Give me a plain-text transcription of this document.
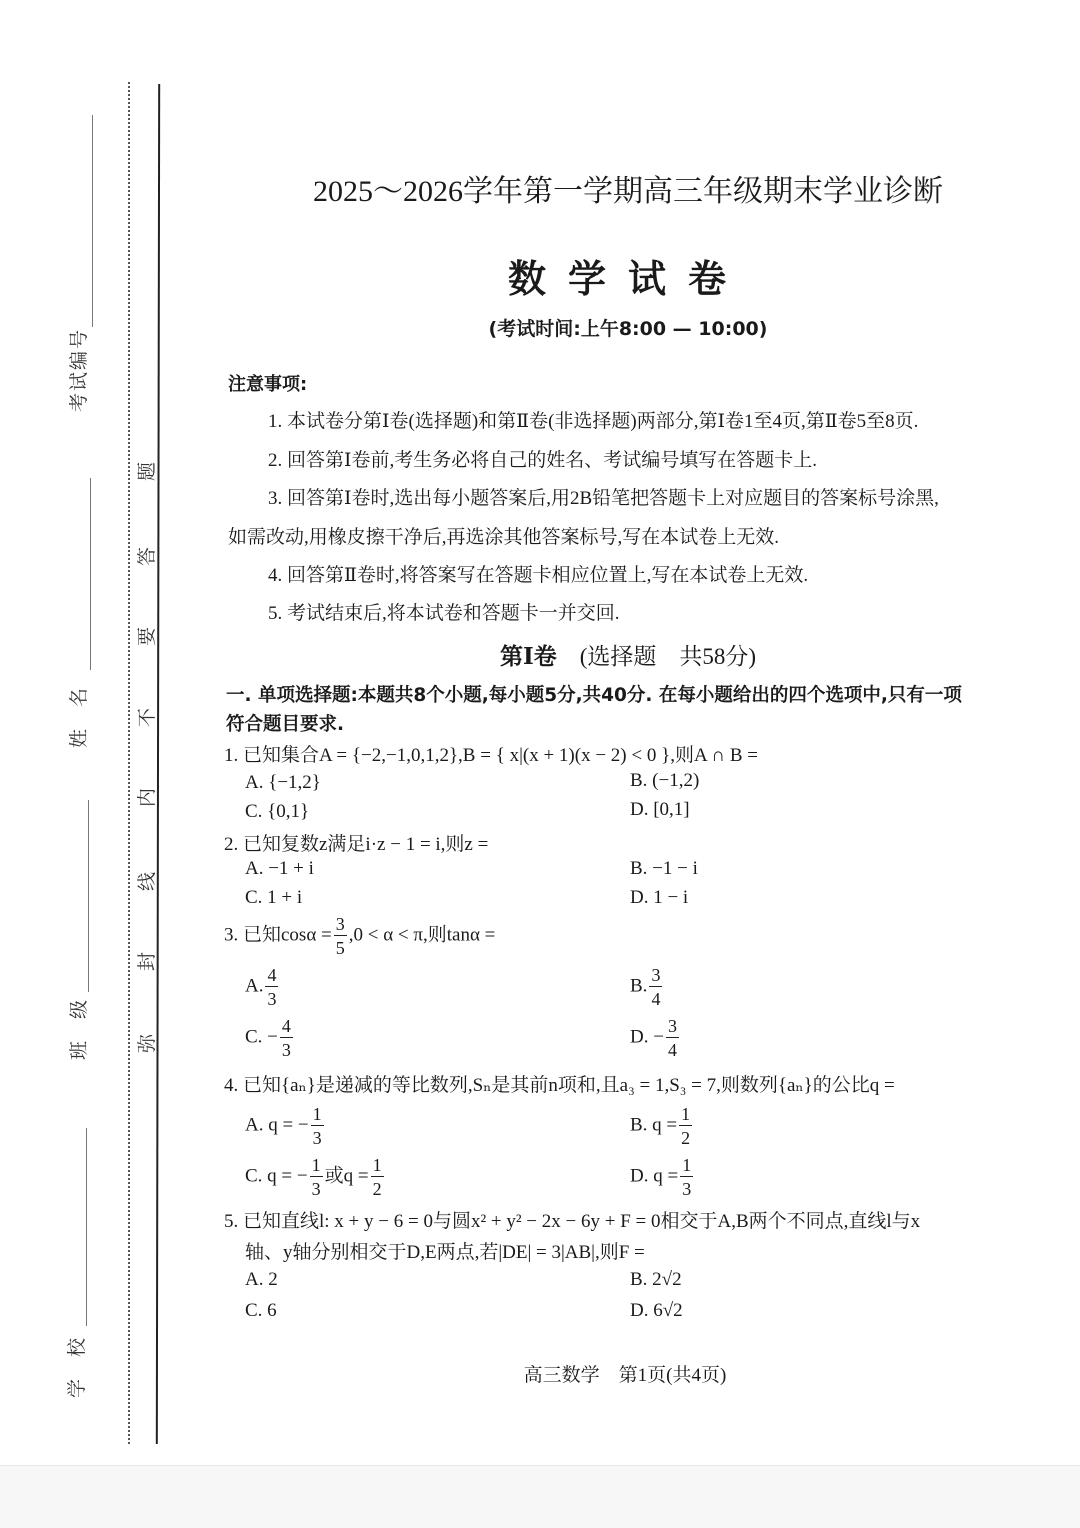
考试编号
姓名
班级
学校
题
答
要
不
内
线
封
弥
2025～2026学年第一学期高三年级期末学业诊断
数学试卷
(考试时间:上午8:00 — 10:00)
注意事项:
1. 本试卷分第Ⅰ卷(选择题)和第Ⅱ卷(非选择题)两部分,第Ⅰ卷1至4页,第Ⅱ卷5至8页.
2. 回答第Ⅰ卷前,考生务必将自己的姓名、考试编号填写在答题卡上.
3. 回答第Ⅰ卷时,选出每小题答案后,用2B铅笔把答题卡上对应题目的答案标号涂黑,
如需改动,用橡皮擦干净后,再选涂其他答案标号,写在本试卷上无效.
4. 回答第Ⅱ卷时,将答案写在答题卡相应位置上,写在本试卷上无效.
5. 考试结束后,将本试卷和答题卡一并交回.
第Ⅰ卷　 (选择题　共58分)
一. 单项选择题:本题共8个小题,每小题5分,共40分. 在每小题给出的四个选项中,只有一项
符合题目要求.
1. 已知集合A = {−2,−1,0,1,2},B = { x|(x + 1)(x − 2) < 0 },则A ∩ B =
A. {−1,2}	B. (−1,2)
C. {0,1}	D. [0,1]
2. 已知复数z满足i·z − 1 = i,则z =
A. −1 + i	B. −1 − i
C. 1 + i	D. 1 − i
3. 已知$\cos\alpha = \frac{3}{5} ,0 < \alpha < \pi$,则tanα =
A. $\frac{4}{3}$	B. $\frac{3}{4}$
C. − $\frac{4}{3}$	D. − $\frac{3}{4}$
4. 已知{aₙ}是递减的等比数列,Sₙ是其前n项和,且a₃ = 1,S₃ = 7,则数列{aₙ}的公比q =
A. q = − $\frac{1}{3}$	B. $q = \frac{1}{2}$
C. q = − $\frac{1}{3}$ 或$q = \frac{1}{2}$	D. $q = \frac{1}{3}$
5. 已知直线l: x + y − 6 = 0与圆x² + y² − 2x − 6y + F = 0相交于A,B两个不同点,直线l与x
轴、y轴分别相交于D,E两点,若|DE| = 3|AB|,则F =
A. 2	B. 2√2
C. 6	D. 6√2
高三数学　第1页(共4页)
